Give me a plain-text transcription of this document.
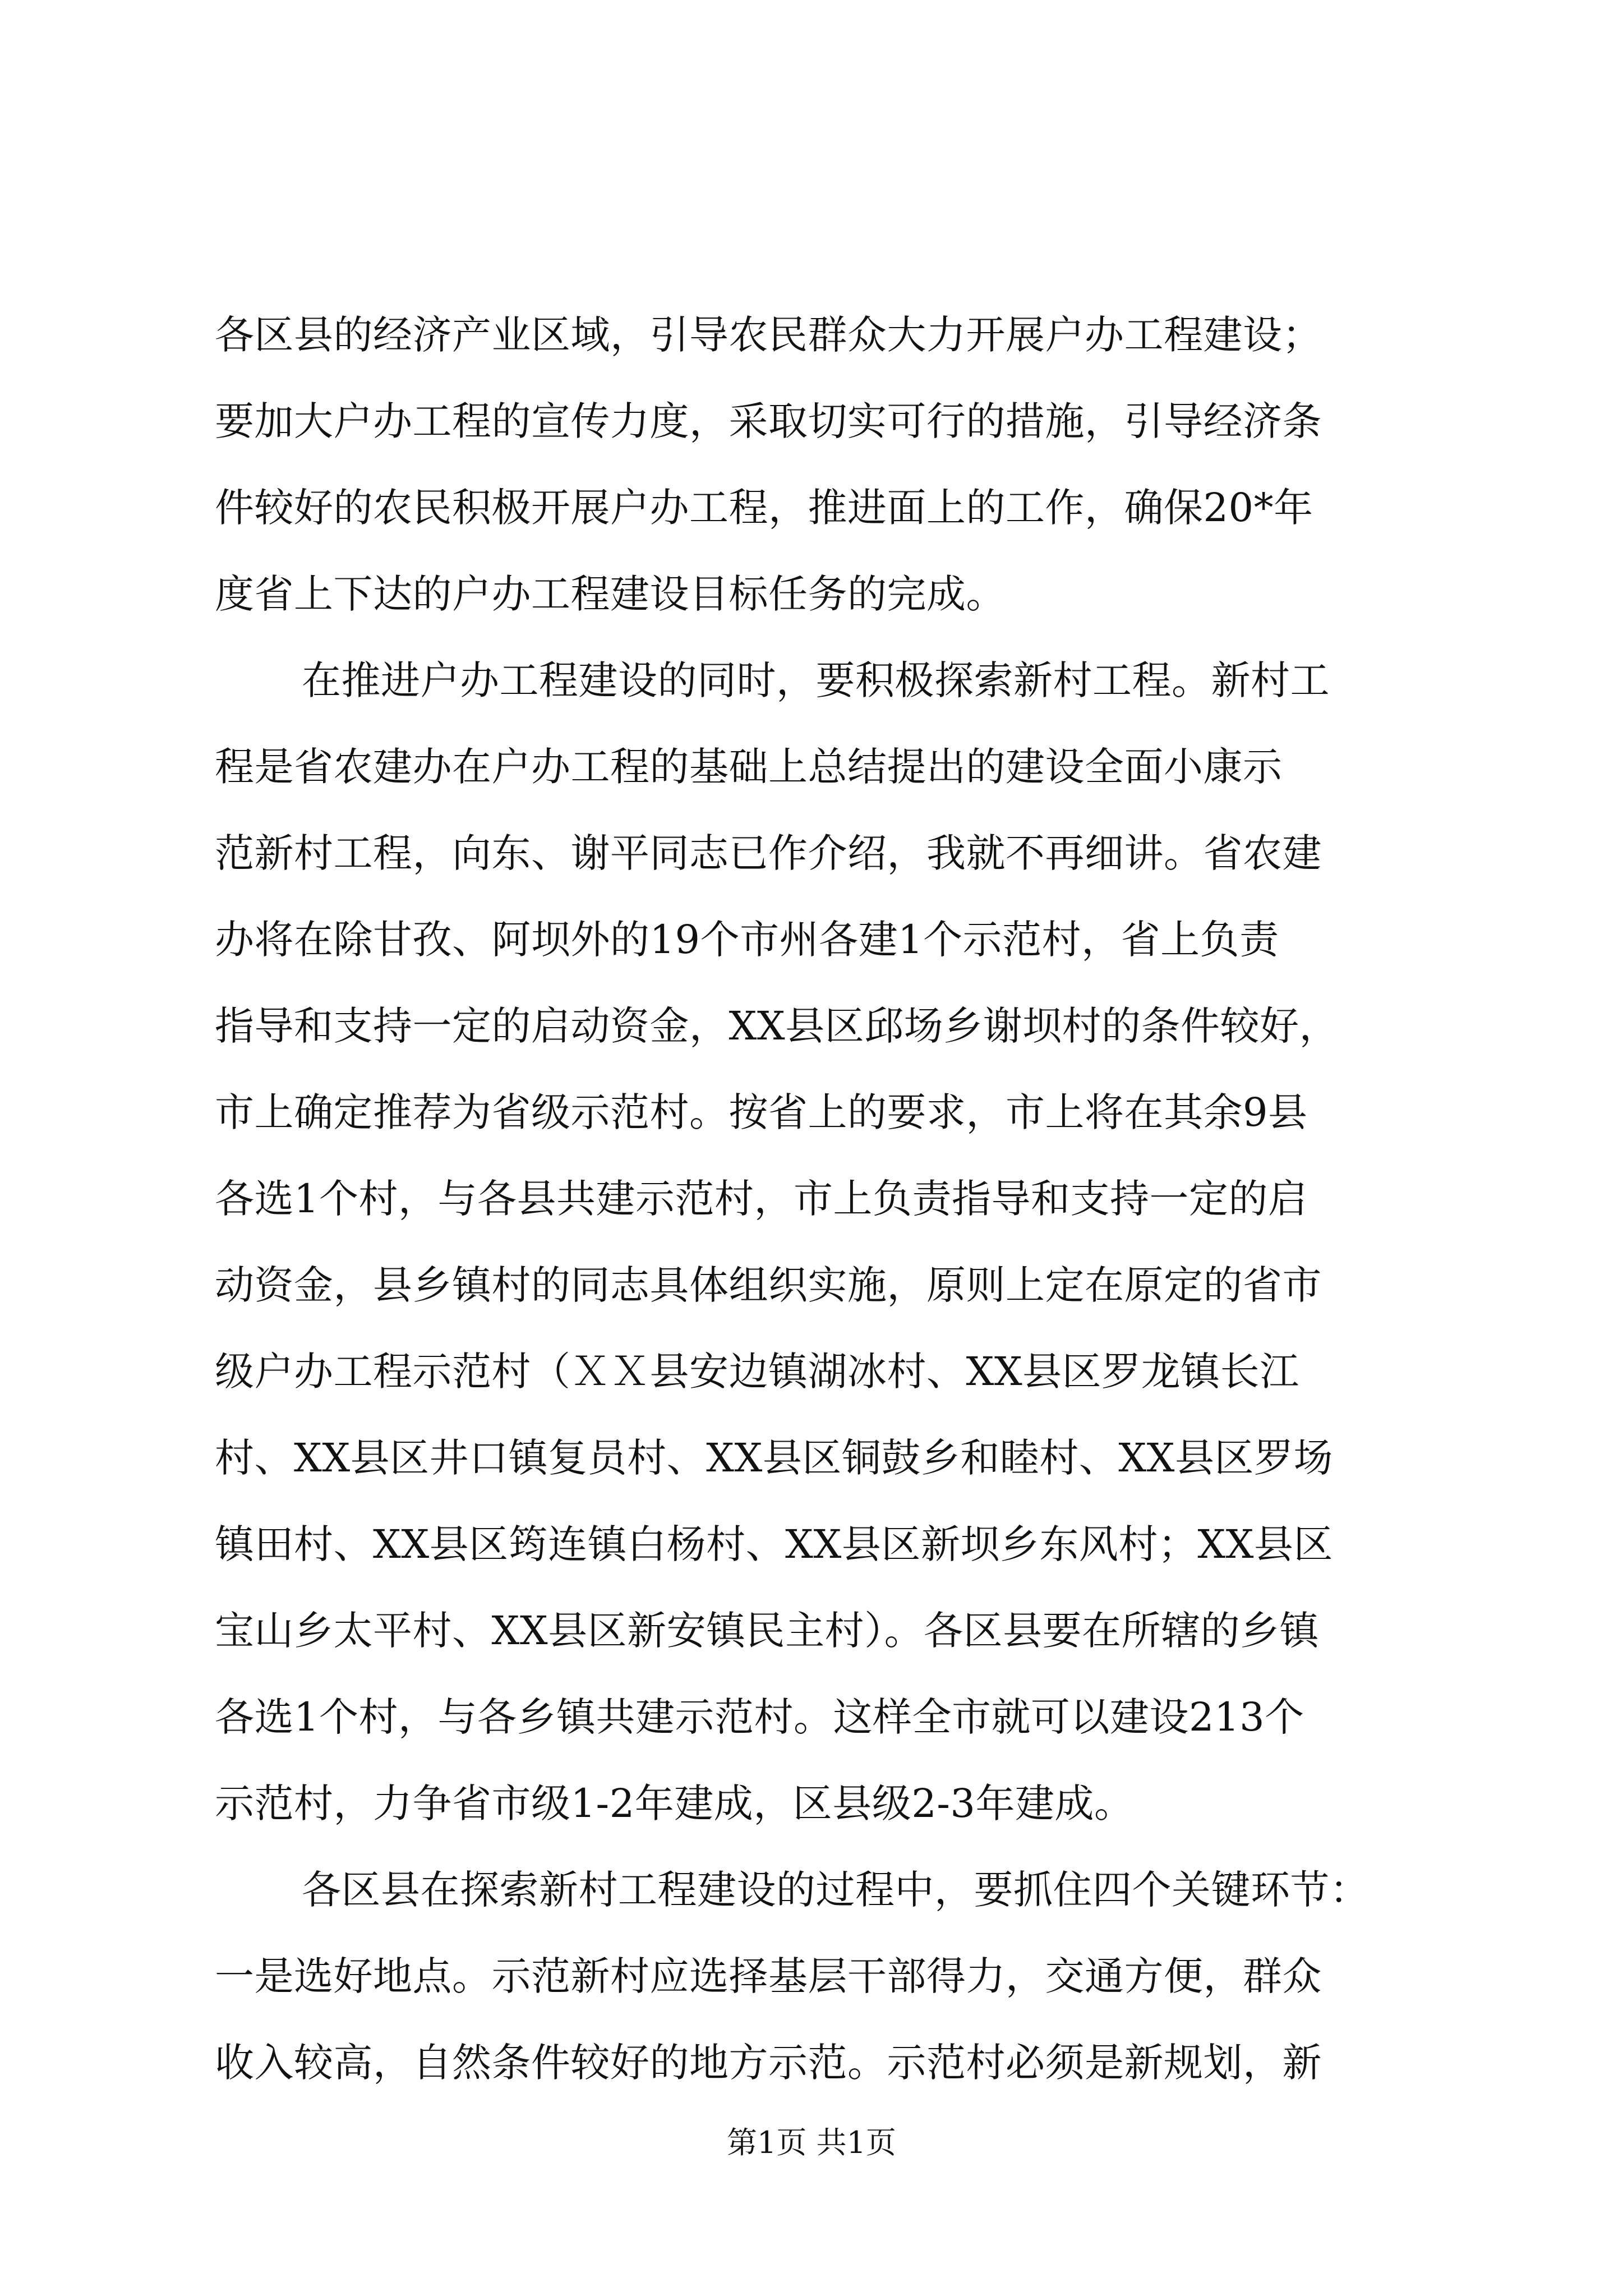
各区县的经济产业区域，引导农民群众大力开展户办工程建设；
要加大户办工程的宣传力度，采取切实可行的措施，引导经济条
件较好的农民积极开展户办工程，推进面上的工作，确保20*年
度省上下达的户办工程建设目标任务的完成。
在推进户办工程建设的同时，要积极探索新村工程。新村工
程是省农建办在户办工程的基础上总结提出的建设全面小康示
范新村工程，向东、谢平同志已作介绍，我就不再细讲。省农建
办将在除甘孜、阿坝外的19个市州各建1个示范村，省上负责
指导和支持一定的启动资金，XX县区邱场乡谢坝村的条件较好，
市上确定推荐为省级示范村。按省上的要求，市上将在其余9县
各选1个村，与各县共建示范村，市上负责指导和支持一定的启
动资金，县乡镇村的同志具体组织实施，原则上定在原定的省市
级户办工程示范村（ＸＸ县安边镇湖冰村、XX县区罗龙镇长江
村、XX县区井口镇复员村、XX县区铜鼓乡和睦村、XX县区罗场
镇田村、XX县区筠连镇白杨村、XX县区新坝乡东风村；XX县区
宝山乡太平村、XX县区新安镇民主村）。各区县要在所辖的乡镇
各选1个村，与各乡镇共建示范村。这样全市就可以建设213个
示范村，力争省市级1-2年建成，区县级2-3年建成。
各区县在探索新村工程建设的过程中，要抓住四个关键环节：
一是选好地点。示范新村应选择基层干部得力，交通方便，群众
收入较高，自然条件较好的地方示范。示范村必须是新规划，新
第1页 共1页
